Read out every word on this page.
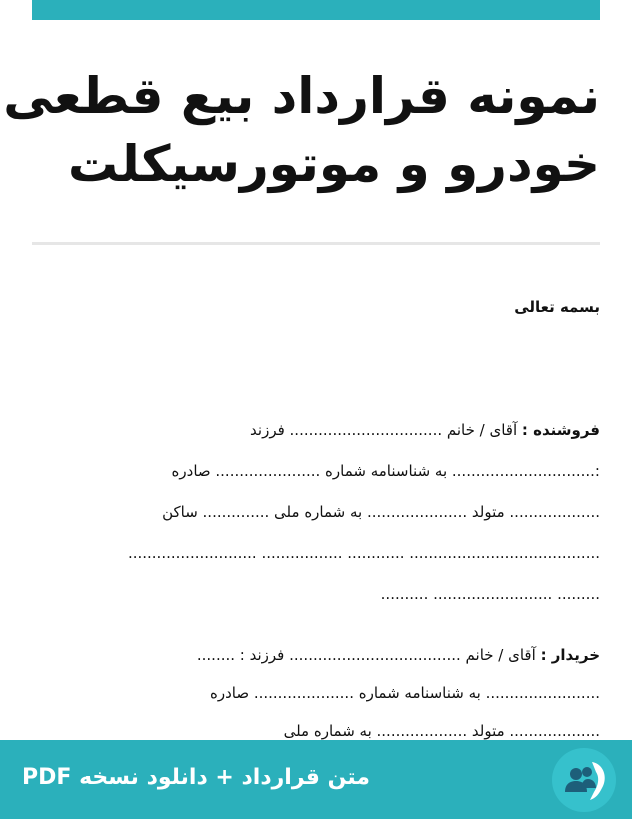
نمونه قرارداد بیع قطعی
خودرو و موتورسیکلت
بسمه تعالی
فروشنده : آقای / خانم ................................ فرزند
:.............................. به شناسنامه شماره ...................... صادره
................... متولد ..................... به شماره ملی .............. ساکن
........................................ ............ ................. ...........................
......... ......................... ..........
خریدار : آقای / خانم .................................... فرزند : ........
........................ به شناسنامه شماره ..................... صادره
................... متولد ................... به شماره ملی
متن قرارداد + دانلود نسخه PDF
